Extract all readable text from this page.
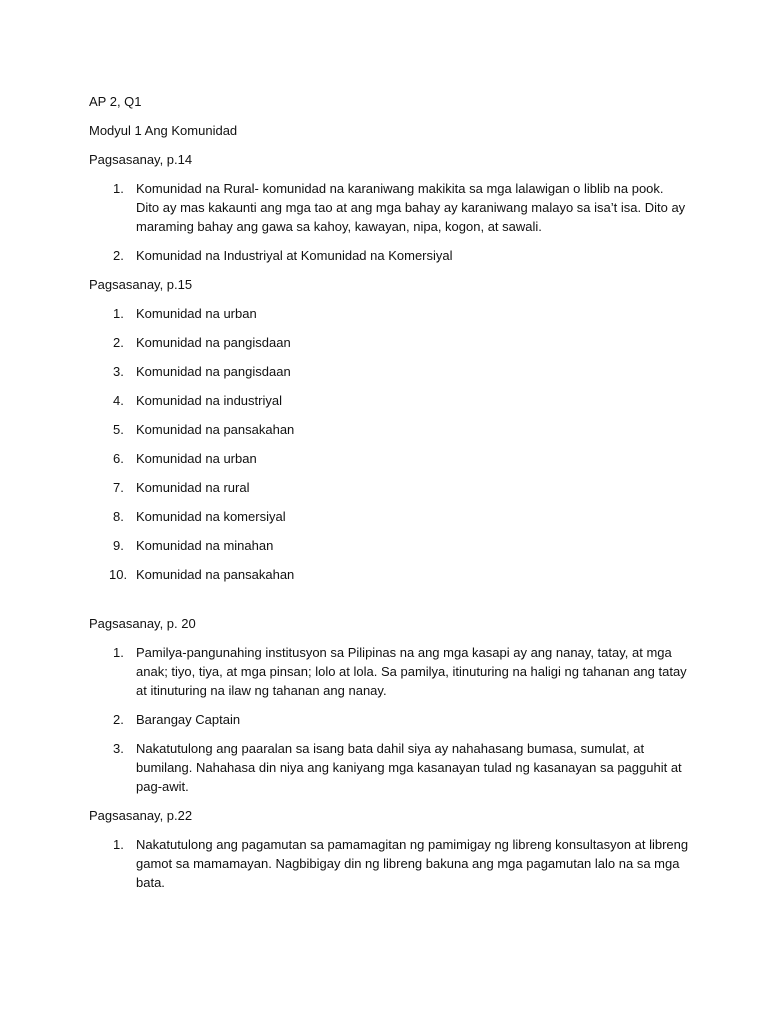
AP 2, Q1

Modyul 1 Ang Komunidad

Pagsasanay, p.14

1. Komunidad na Rural- komunidad na karaniwang makikita sa mga lalawigan o liblib na pook. Dito ay mas kakaunti ang mga tao at ang mga bahay ay karaniwang malayo sa isa’t isa. Dito ay maraming bahay ang gawa sa kahoy, kawayan, nipa, kogon, at sawali.
2. Komunidad na Industriyal at Komunidad na Komersiyal

Pagsasanay, p.15

1. Komunidad na urban
2. Komunidad na pangisdaan
3. Komunidad na pangisdaan
4. Komunidad na industriyal
5. Komunidad na pansakahan
6. Komunidad na urban
7. Komunidad na rural
8. Komunidad na komersiyal
9. Komunidad na minahan
10. Komunidad na pansakahan

Pagsasanay, p. 20

1. Pamilya-pangunahing institusyon sa Pilipinas na ang mga kasapi ay ang nanay, tatay, at mga anak; tiyo, tiya, at mga pinsan; lolo at lola. Sa pamilya, itinuturing na haligi ng tahanan ang tatay at itinuturing na ilaw ng tahanan ang nanay.
2. Barangay Captain
3. Nakatutulong ang paaralan sa isang bata dahil siya ay nahahasang bumasa, sumulat, at bumilang. Nahahasa din niya ang kaniyang mga kasanayan tulad ng kasanayan sa pagguhit at pag-awit.

Pagsasanay, p.22

1. Nakatutulong ang pagamutan sa pamamagitan ng pamimigay ng libreng konsultasyon at libreng gamot sa mamamayan. Nagbibigay din ng libreng bakuna ang mga pagamutan lalo na sa mga bata.
